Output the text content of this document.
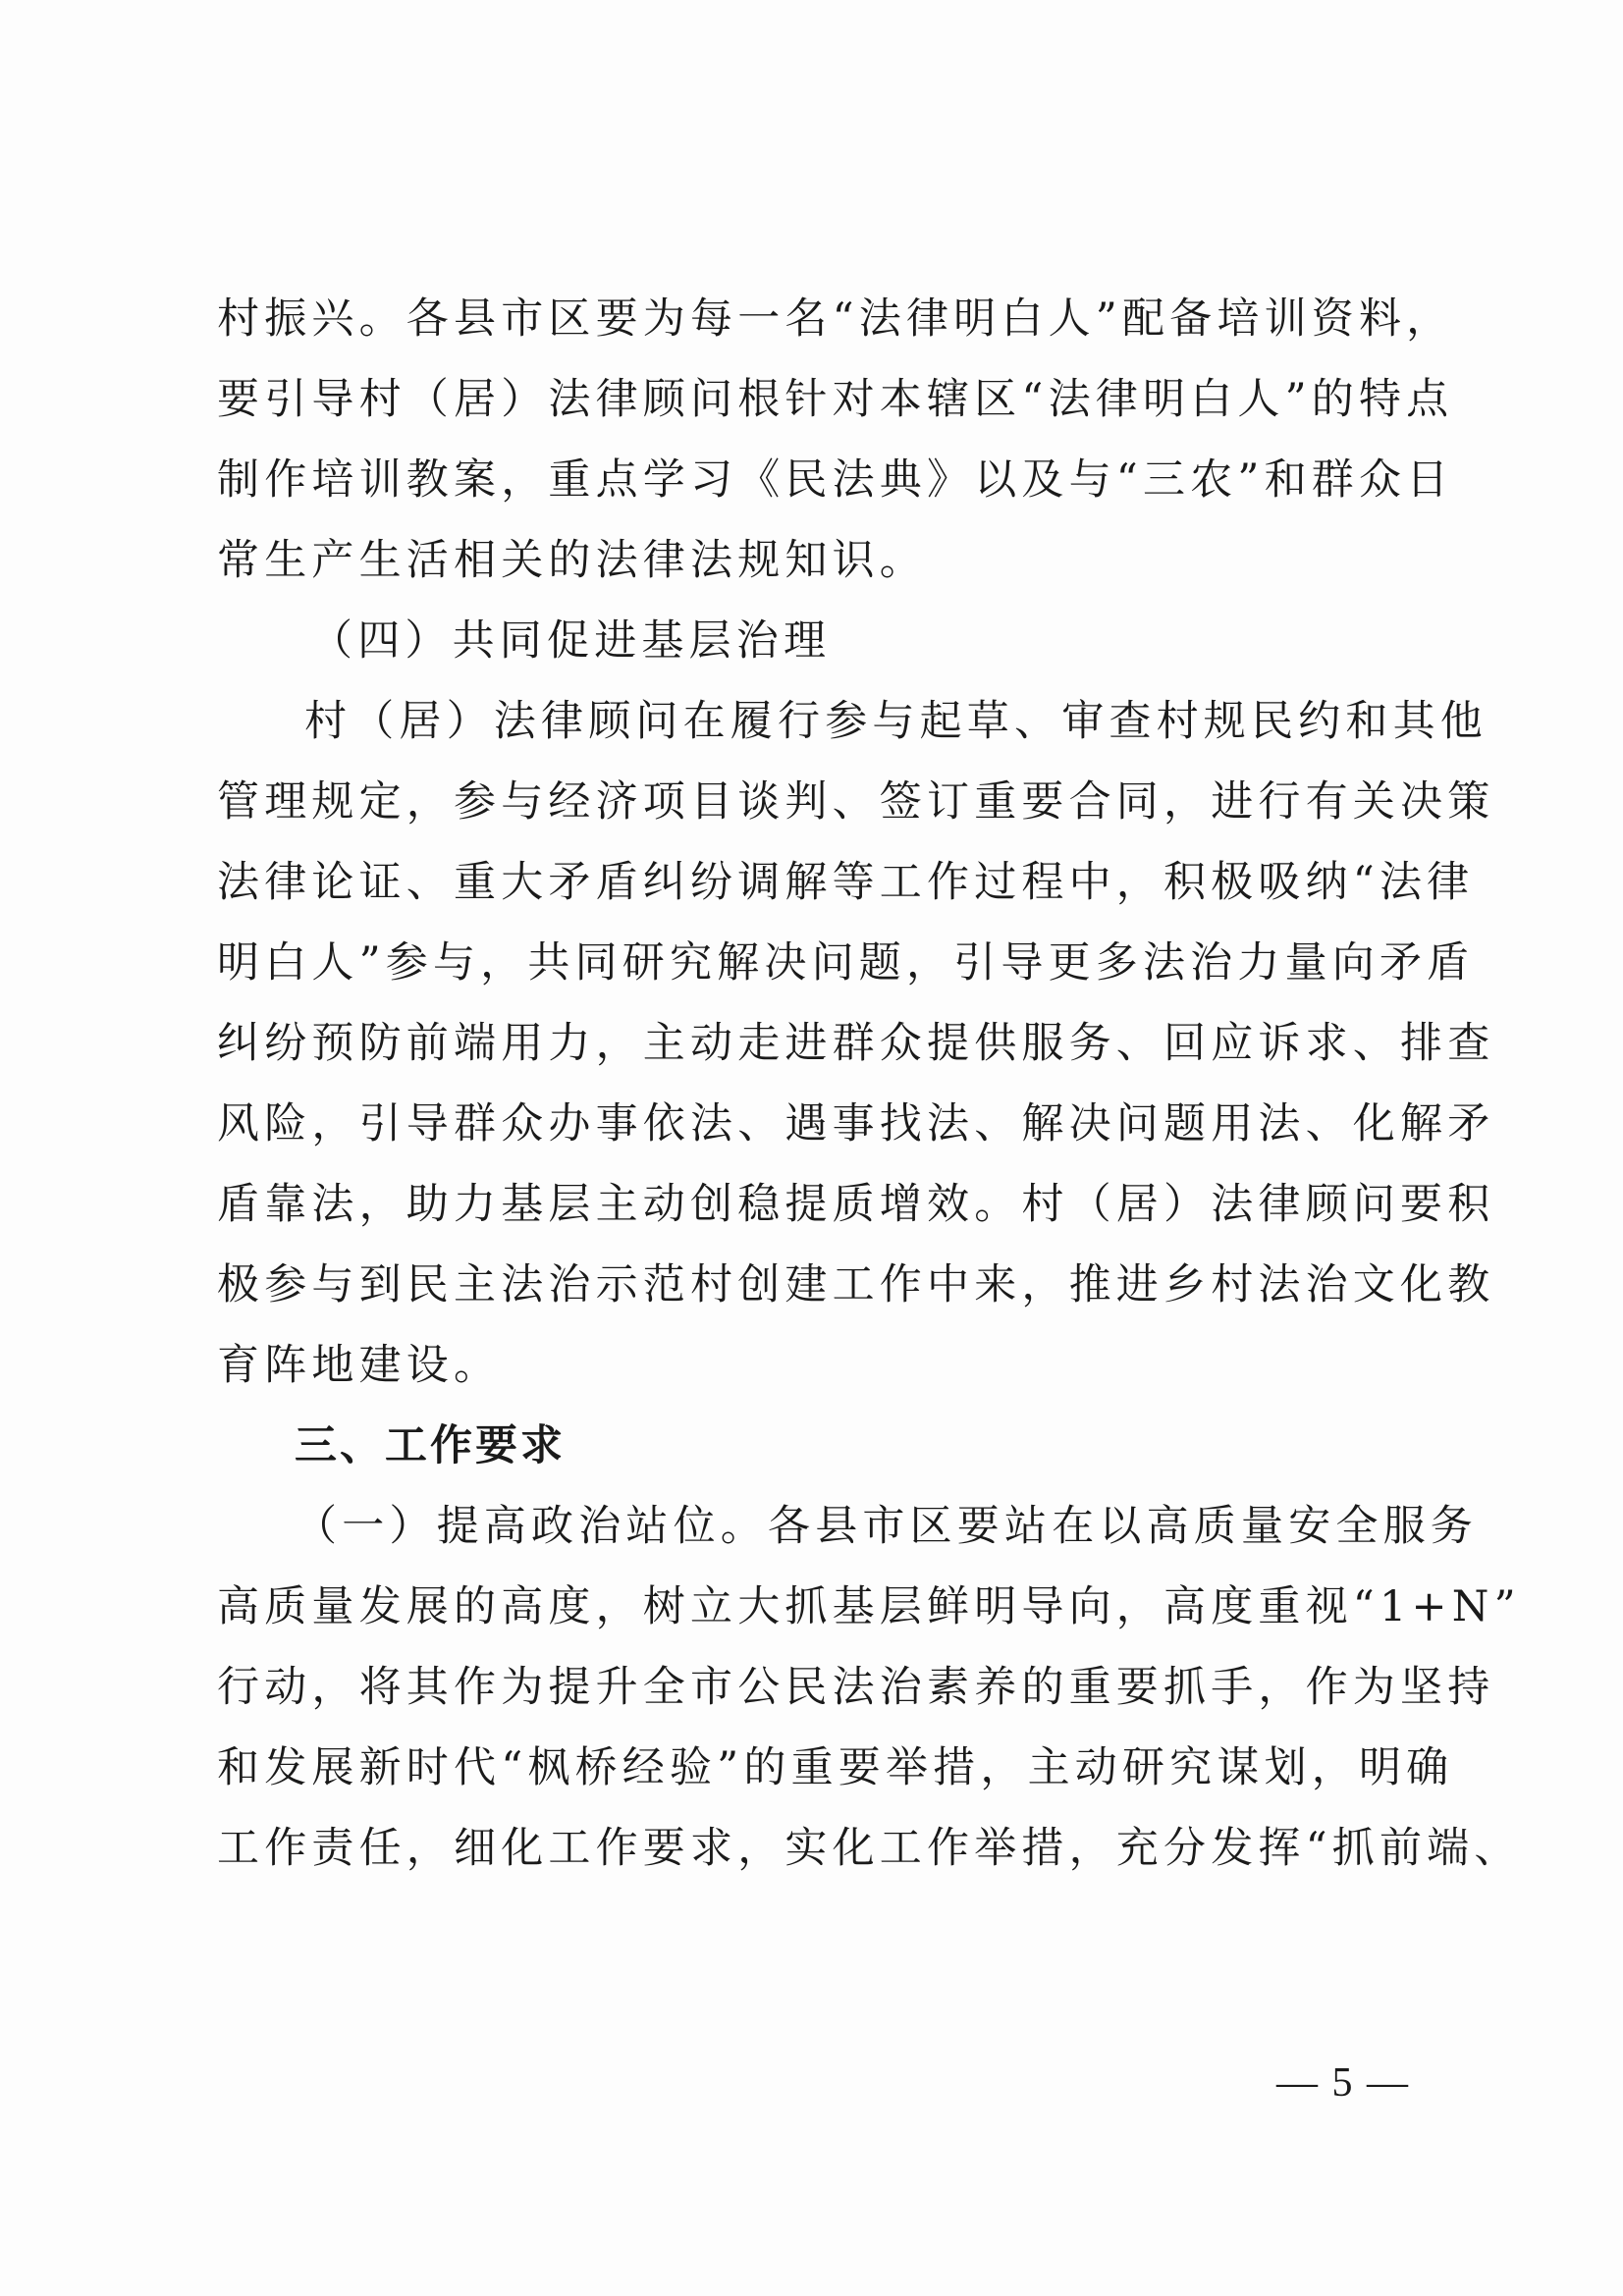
村振兴。各县市区要为每一名“法律明白人”配备培训资料，
要引导村（居）法律顾问根针对本辖区“法律明白人”的特点
制作培训教案，重点学习《民法典》以及与“三农”和群众日
常生产生活相关的法律法规知识。
（四）共同促进基层治理
村（居）法律顾问在履行参与起草、审查村规民约和其他
管理规定，参与经济项目谈判、签订重要合同，进行有关决策
法律论证、重大矛盾纠纷调解等工作过程中，积极吸纳“法律
明白人”参与，共同研究解决问题，引导更多法治力量向矛盾
纠纷预防前端用力，主动走进群众提供服务、回应诉求、排查
风险，引导群众办事依法、遇事找法、解决问题用法、化解矛
盾靠法，助力基层主动创稳提质增效。村（居）法律顾问要积
极参与到民主法治示范村创建工作中来，推进乡村法治文化教
育阵地建设。
三、工作要求
（一）提高政治站位。各县市区要站在以高质量安全服务
高质量发展的高度，树立大抓基层鲜明导向，高度重视“1+N”
行动，将其作为提升全市公民法治素养的重要抓手，作为坚持
和发展新时代“枫桥经验”的重要举措，主动研究谋划，明确
工作责任，细化工作要求，实化工作举措，充分发挥“抓前端、
— 5 —
